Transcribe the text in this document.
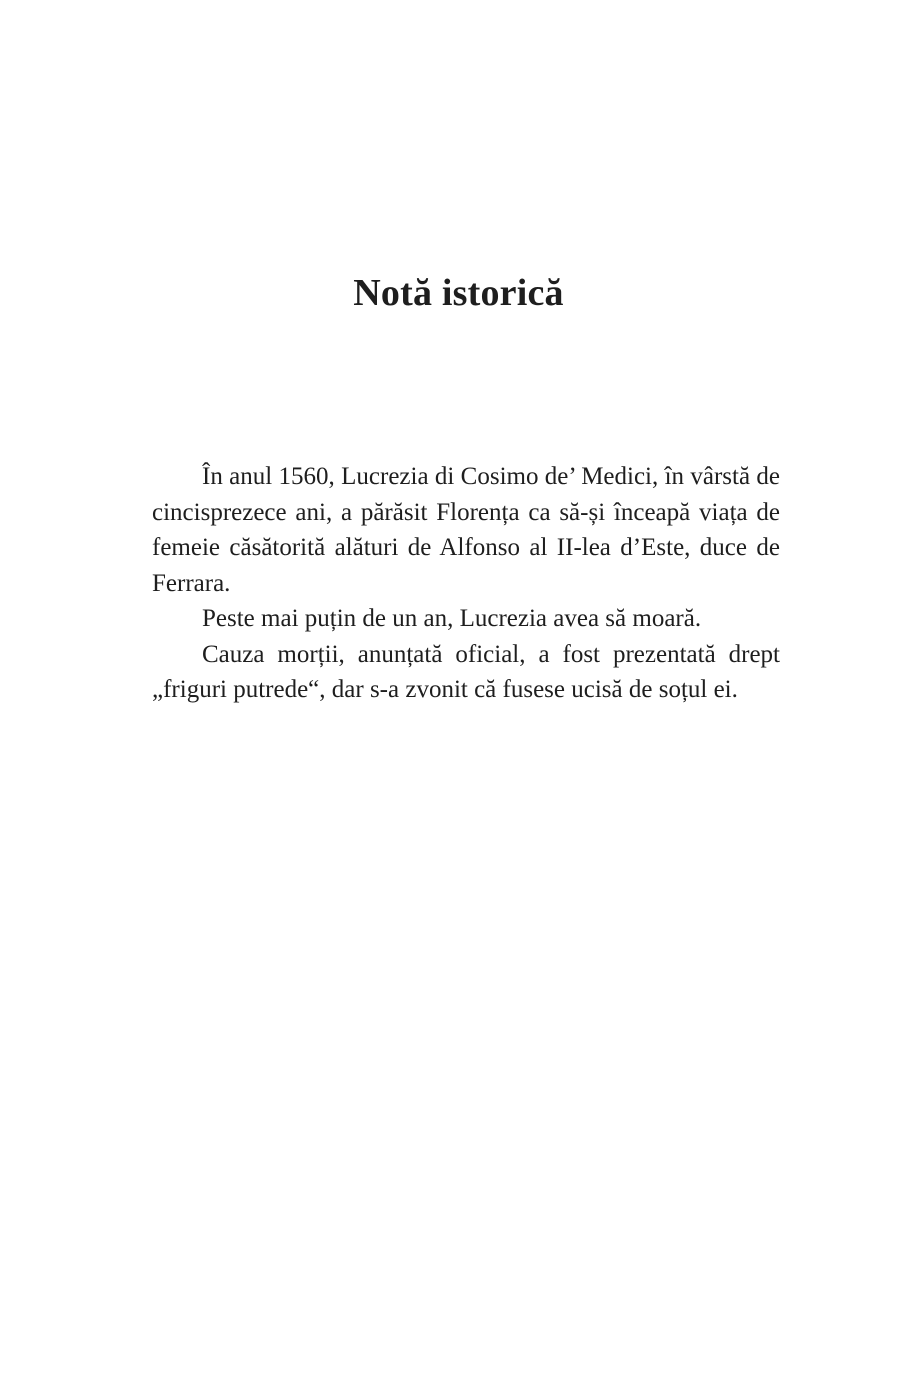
Notă istorică

În anul 1560, Lucrezia di Cosimo de’ Medici, în vârstă de cincisprezece ani, a părăsit Florența ca să-și înceapă viața de femeie căsătorită alături de Alfonso al II-lea d’Este, duce de Ferrara.

Peste mai puțin de un an, Lucrezia avea să moară.

Cauza morții, anunțată oficial, a fost prezentată drept „friguri putrede“, dar s-a zvonit că fusese ucisă de soțul ei.
